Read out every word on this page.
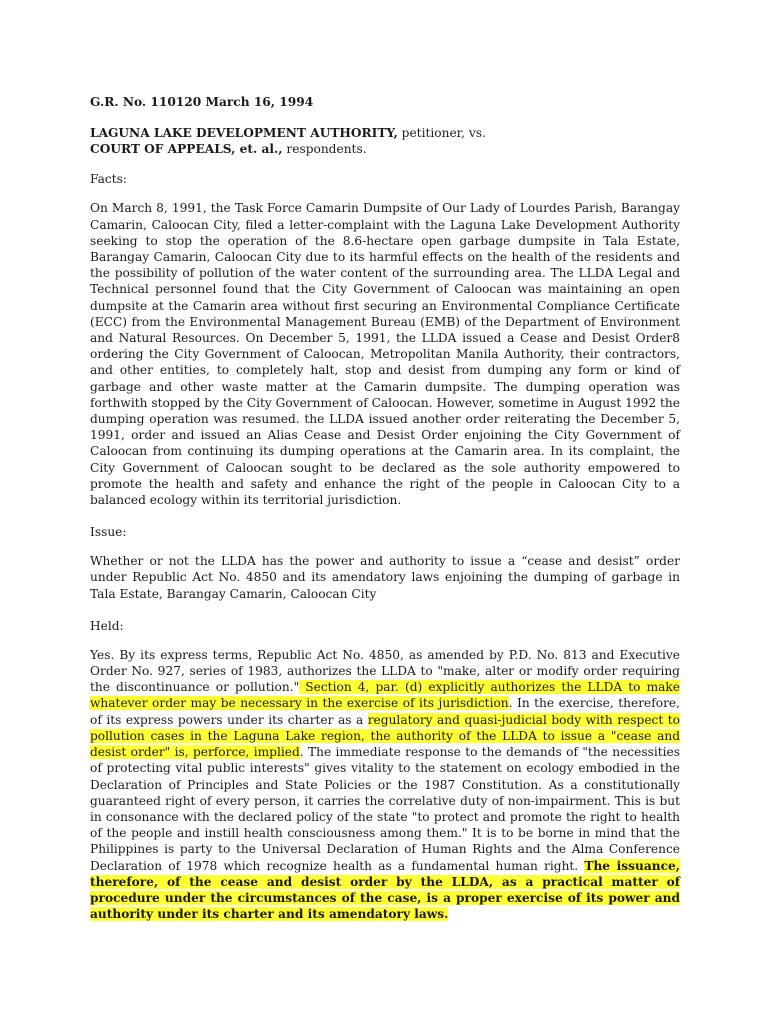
G.R. No. 110120 March 16, 1994

LAGUNA LAKE DEVELOPMENT AUTHORITY, petitioner, vs.
COURT OF APPEALS, et. al., respondents.

Facts:

On March 8, 1991, the Task Force Camarin Dumpsite of Our Lady of Lourdes Parish, Barangay Camarin, Caloocan City, filed a letter-complaint with the Laguna Lake Development Authority seeking to stop the operation of the 8.6-hectare open garbage dumpsite in Tala Estate, Barangay Camarin, Caloocan City due to its harmful effects on the health of the residents and the possibility of pollution of the water content of the surrounding area. The LLDA Legal and Technical personnel found that the City Government of Caloocan was maintaining an open dumpsite at the Camarin area without first securing an Environmental Compliance Certificate (ECC) from the Environmental Management Bureau (EMB) of the Department of Environment and Natural Resources. On December 5, 1991, the LLDA issued a Cease and Desist Order8 ordering the City Government of Caloocan, Metropolitan Manila Authority, their contractors, and other entities, to completely halt, stop and desist from dumping any form or kind of garbage and other waste matter at the Camarin dumpsite. The dumping operation was forthwith stopped by the City Government of Caloocan. However, sometime in August 1992 the dumping operation was resumed. the LLDA issued another order reiterating the December 5, 1991, order and issued an Alias Cease and Desist Order enjoining the City Government of Caloocan from continuing its dumping operations at the Camarin area. In its complaint, the City Government of Caloocan sought to be declared as the sole authority empowered to promote the health and safety and enhance the right of the people in Caloocan City to a balanced ecology within its territorial jurisdiction.

Issue:

Whether or not the LLDA has the power and authority to issue a “cease and desist” order under Republic Act No. 4850 and its amendatory laws enjoining the dumping of garbage in Tala Estate, Barangay Camarin, Caloocan City

Held:

Yes. By its express terms, Republic Act No. 4850, as amended by P.D. No. 813 and Executive Order No. 927, series of 1983, authorizes the LLDA to "make, alter or modify order requiring the discontinuance or pollution." Section 4, par. (d) explicitly authorizes the LLDA to make whatever order may be necessary in the exercise of its jurisdiction. In the exercise, therefore, of its express powers under its charter as a regulatory and quasi-judicial body with respect to pollution cases in the Laguna Lake region, the authority of the LLDA to issue a "cease and desist order" is, perforce, implied. The immediate response to the demands of "the necessities of protecting vital public interests" gives vitality to the statement on ecology embodied in the Declaration of Principles and State Policies or the 1987 Constitution. As a constitutionally guaranteed right of every person, it carries the correlative duty of non-impairment. This is but in consonance with the declared policy of the state "to protect and promote the right to health of the people and instill health consciousness among them." It is to be borne in mind that the Philippines is party to the Universal Declaration of Human Rights and the Alma Conference Declaration of 1978 which recognize health as a fundamental human right. The issuance, therefore, of the cease and desist order by the LLDA, as a practical matter of procedure under the circumstances of the case, is a proper exercise of its power and authority under its charter and its amendatory laws.
